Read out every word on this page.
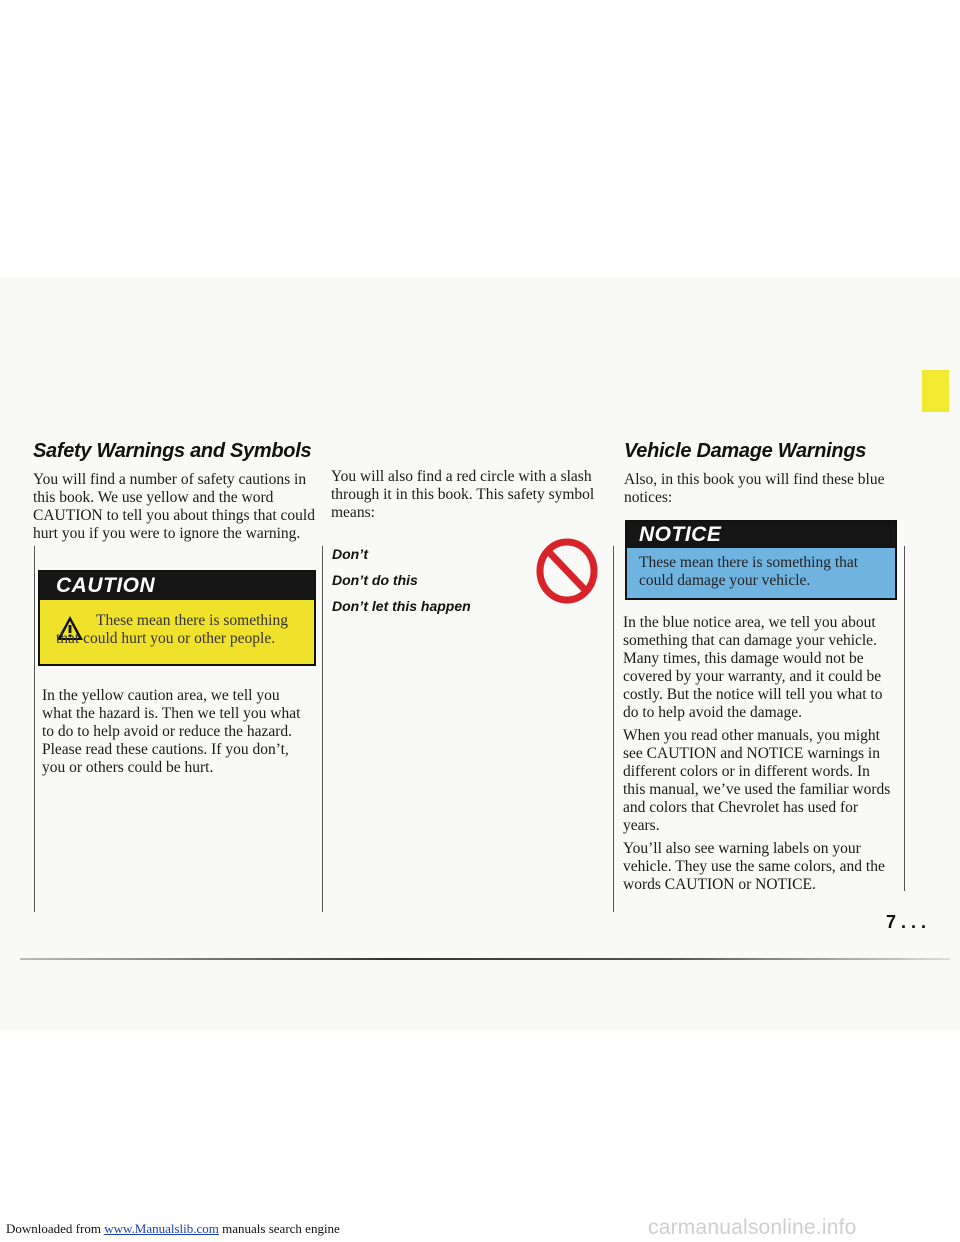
Safety Warnings and Symbols

You will find a number of safety cautions in this book. We use yellow and the word CAUTION to tell you about things that could hurt you if you were to ignore the warning.

CAUTION
These mean there is something that could hurt you or other people.

In the yellow caution area, we tell you what the hazard is. Then we tell you what to do to help avoid or reduce the hazard. Please read these cautions. If you don’t, you or others could be hurt.

You will also find a red circle with a slash through it in this book. This safety symbol means:

Don’t

Don’t do this

Don’t let this happen

Vehicle Damage Warnings

Also, in this book you will find these blue notices:

NOTICE
These mean there is something that could damage your vehicle.

In the blue notice area, we tell you about something that can damage your vehicle. Many times, this damage would not be covered by your warranty, and it could be costly. But the notice will tell you what to do to help avoid the damage.

When you read other manuals, you might see CAUTION and NOTICE warnings in different colors or in different words. In this manual, we’ve used the familiar words and colors that Chevrolet has used for years.

You’ll also see warning labels on your vehicle. They use the same colors, and the words CAUTION or NOTICE.

7 . . .
Downloaded from www.Manualslib.com manuals search engine	carmanualsonline.info
